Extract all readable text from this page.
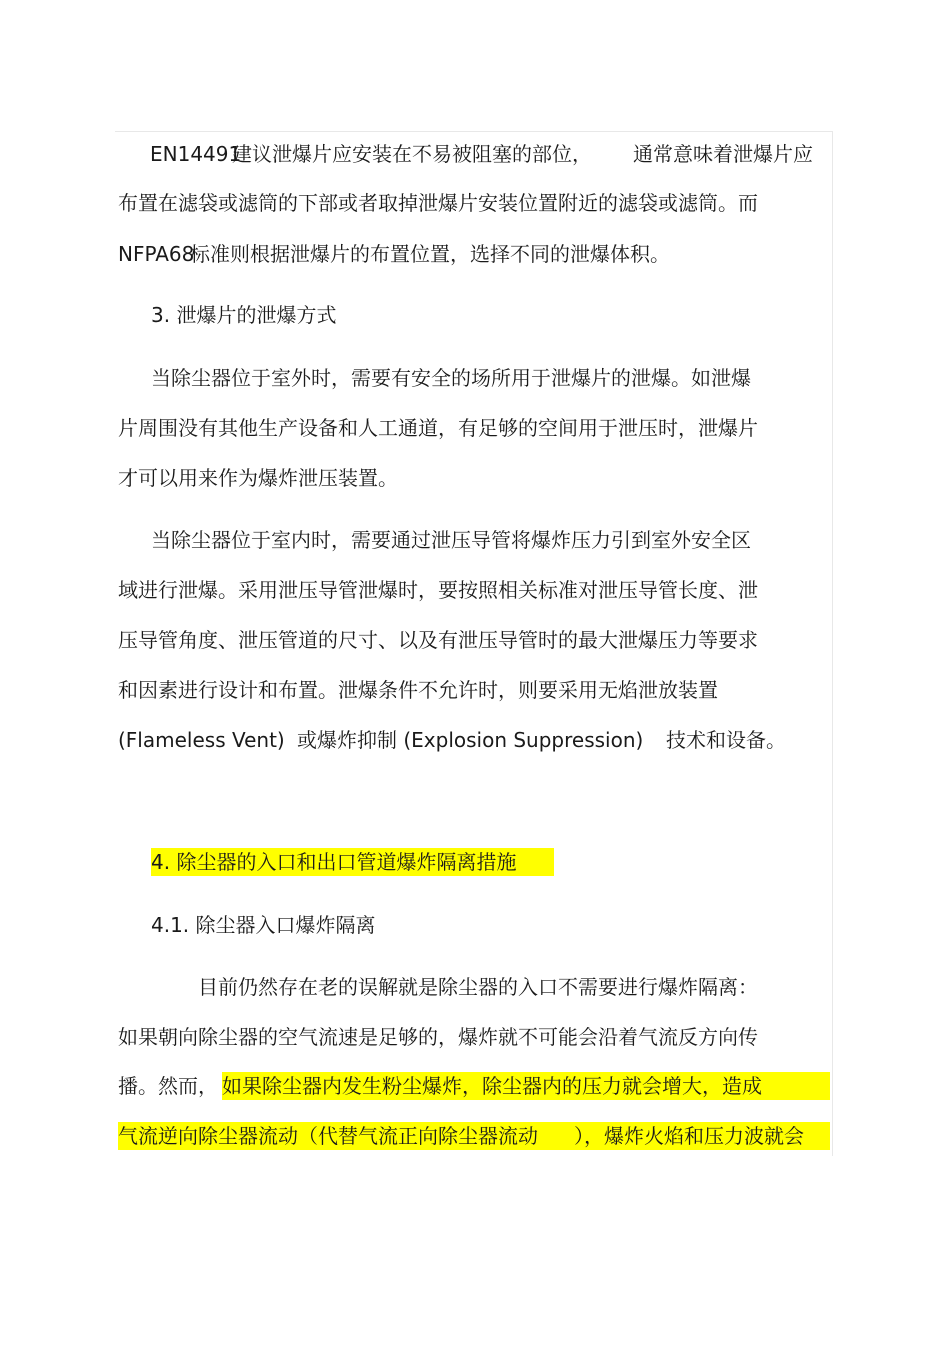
EN14491
建议泄爆片应安装在不易被阻塞的部位， 通常意味着泄爆片应
布置在滤袋或滤筒的下部或者取掉泄爆片安装位置附近的滤袋或滤筒。而
NFPA68
标准则根据泄爆片的布置位置，选择不同的泄爆体积。
3. 泄爆片的泄爆方式
当除尘器位于室外时，需要有安全的场所用于泄爆片的泄爆。如泄爆
片周围没有其他生产设备和人工通道，有足够的空间用于泄压时，泄爆片
才可以用来作为爆炸泄压装置。
当除尘器位于室内时，需要通过泄压导管将爆炸压力引到室外安全区
域进行泄爆。采用泄压导管泄爆时，要按照相关标准对泄压导管长度、泄
压导管角度、泄压管道的尺寸、以及有泄压导管时的最大泄爆压力等要求
和因素进行设计和布置。泄爆条件不允许时，则要采用无焰泄放装置
(Flameless Vent) 或爆炸抑制 (Explosion Suppression) 技术和设备。
4. 除尘器的入口和出口管道爆炸隔离措施
4.1. 除尘器入口爆炸隔离
目前仍然存在老的误解就是除尘器的入口不需要进行爆炸隔离：
如果朝向除尘器的空气流速是足够的，爆炸就不可能会沿着气流反方向传
播。然而， 如果除尘器内发生粉尘爆炸，除尘器内的压力就会增大，造成
气流逆向除尘器流动（代替气流正向除尘器流动 ），爆炸火焰和压力波就会
